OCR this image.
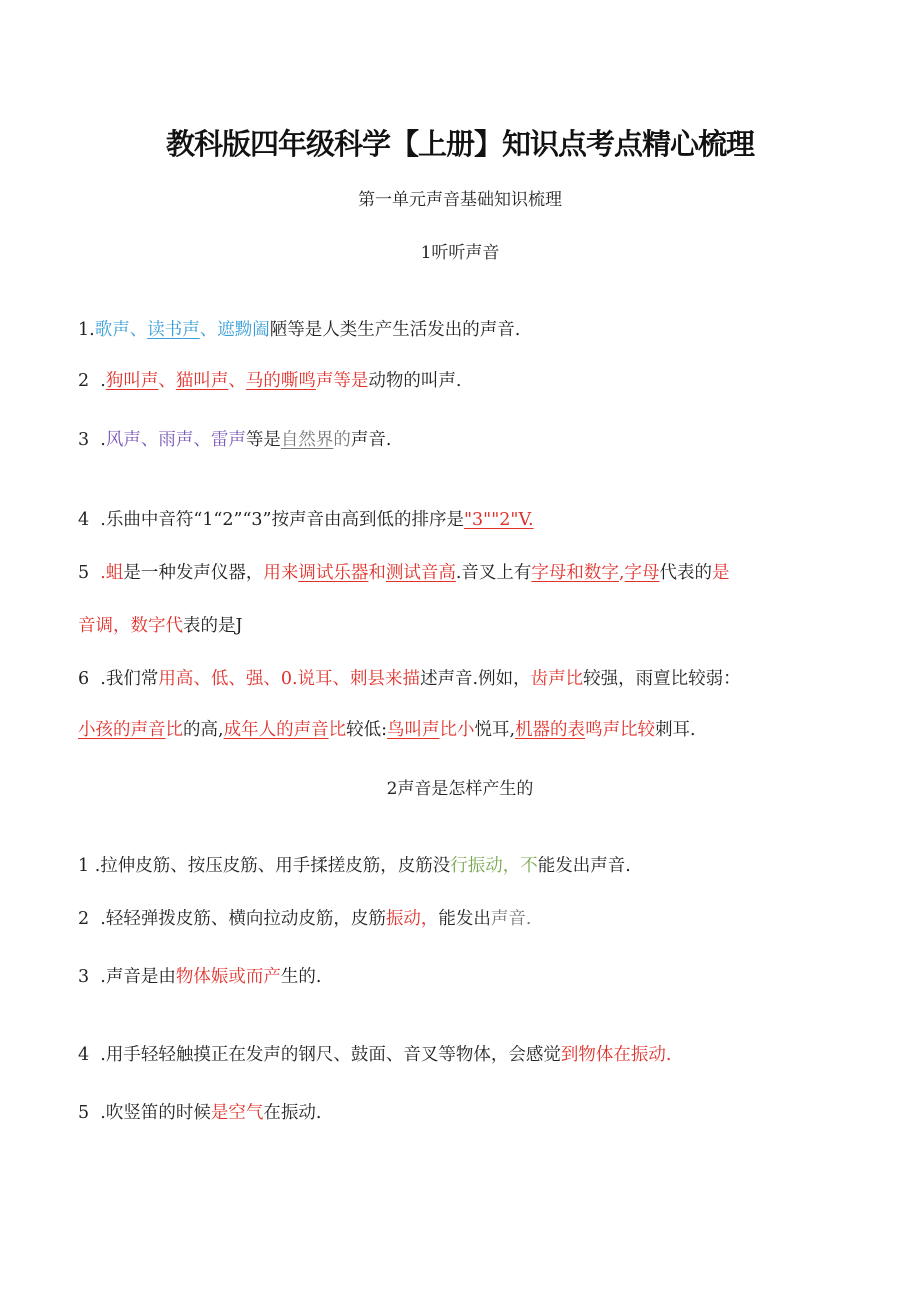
教科版四年级科学【上册】知识点考点精心梳理
第一单元声音基础知识梳理
1听听声音
1.歌声、读书声、遮黝阖陋等是人类生产生活发出的声音.
2 .狗叫声、猫叫声、马的嘶鸣声等是动物的叫声.
3 .风声、雨声、雷声等是自然界的声音.
4 .乐曲中音符“1“2”“3”按声音由高到低的排序是"3""2"V.
5 .蛆是一种发声仪器，用来调试乐器和测试音高.音叉上有字母和数字,字母代表的是
音调，数字代表的是J
6 .我们常用高、低、强、0.说耳、刺县来描述声音.例如，齿声比较强，雨亶比较弱：
小孩的声音比的高,成年人的声音比较低:鸟叫声比小悦耳,机器的表鸣声比较刺耳.
2声音是怎样产生的
1 .拉伸皮筋、按压皮筋、用手揉搓皮筋，皮筋没行振动，不能发出声音.
2 .轻轻弹拨皮筋、横向拉动皮筋，皮筋振动，能发出声音.
3 .声音是由物体娠或而产生的.
4 .用手轻轻触摸正在发声的钢尺、鼓面、音叉等物体，会感觉到物体在振动.
5 .吹竖笛的时候是空气在振动.
